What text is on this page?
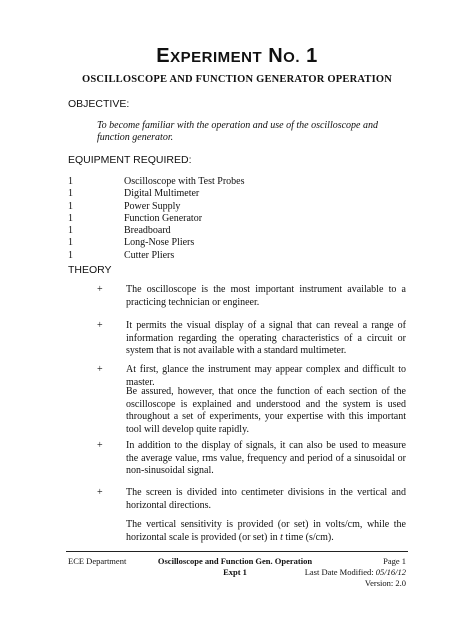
EXPERIMENT NO. 1
OSCILLOSCOPE AND FUNCTION GENERATOR OPERATION
OBJECTIVE:
To become familiar with the operation and use of the oscilloscope and function generator.
EQUIPMENT REQUIRED:
1	Oscilloscope with Test Probes
1	Digital Multimeter
1	Power Supply
1	Function Generator
1	Breadboard
1	Long-Nose Pliers
1	Cutter Pliers
THEORY
+ The oscilloscope is the most important instrument available to a practicing technician or engineer.
+ It permits the visual display of a signal that can reveal a range of information regarding the operating characteristics of a circuit or system that is not available with a standard multimeter.
+ At first, glance the instrument may appear complex and difficult to master.
Be assured, however, that once the function of each section of the oscilloscope is explained and understood and the system is used throughout a set of experiments, your expertise with this important tool will develop quite rapidly.
+ In addition to the display of signals, it can also be used to measure the average value, rms value, frequency and period of a sinusoidal or non-sinusoidal signal.
+ The screen is divided into centimeter divisions in the vertical and horizontal directions.
The vertical sensitivity is provided (or set) in volts/cm, while the horizontal scale is provided (or set) in t time (s/cm).
ECE Department	Oscilloscope and Function Gen. Operation
Expt 1
Page 1
Last Date Modified: 05/16/12
Version: 2.0
